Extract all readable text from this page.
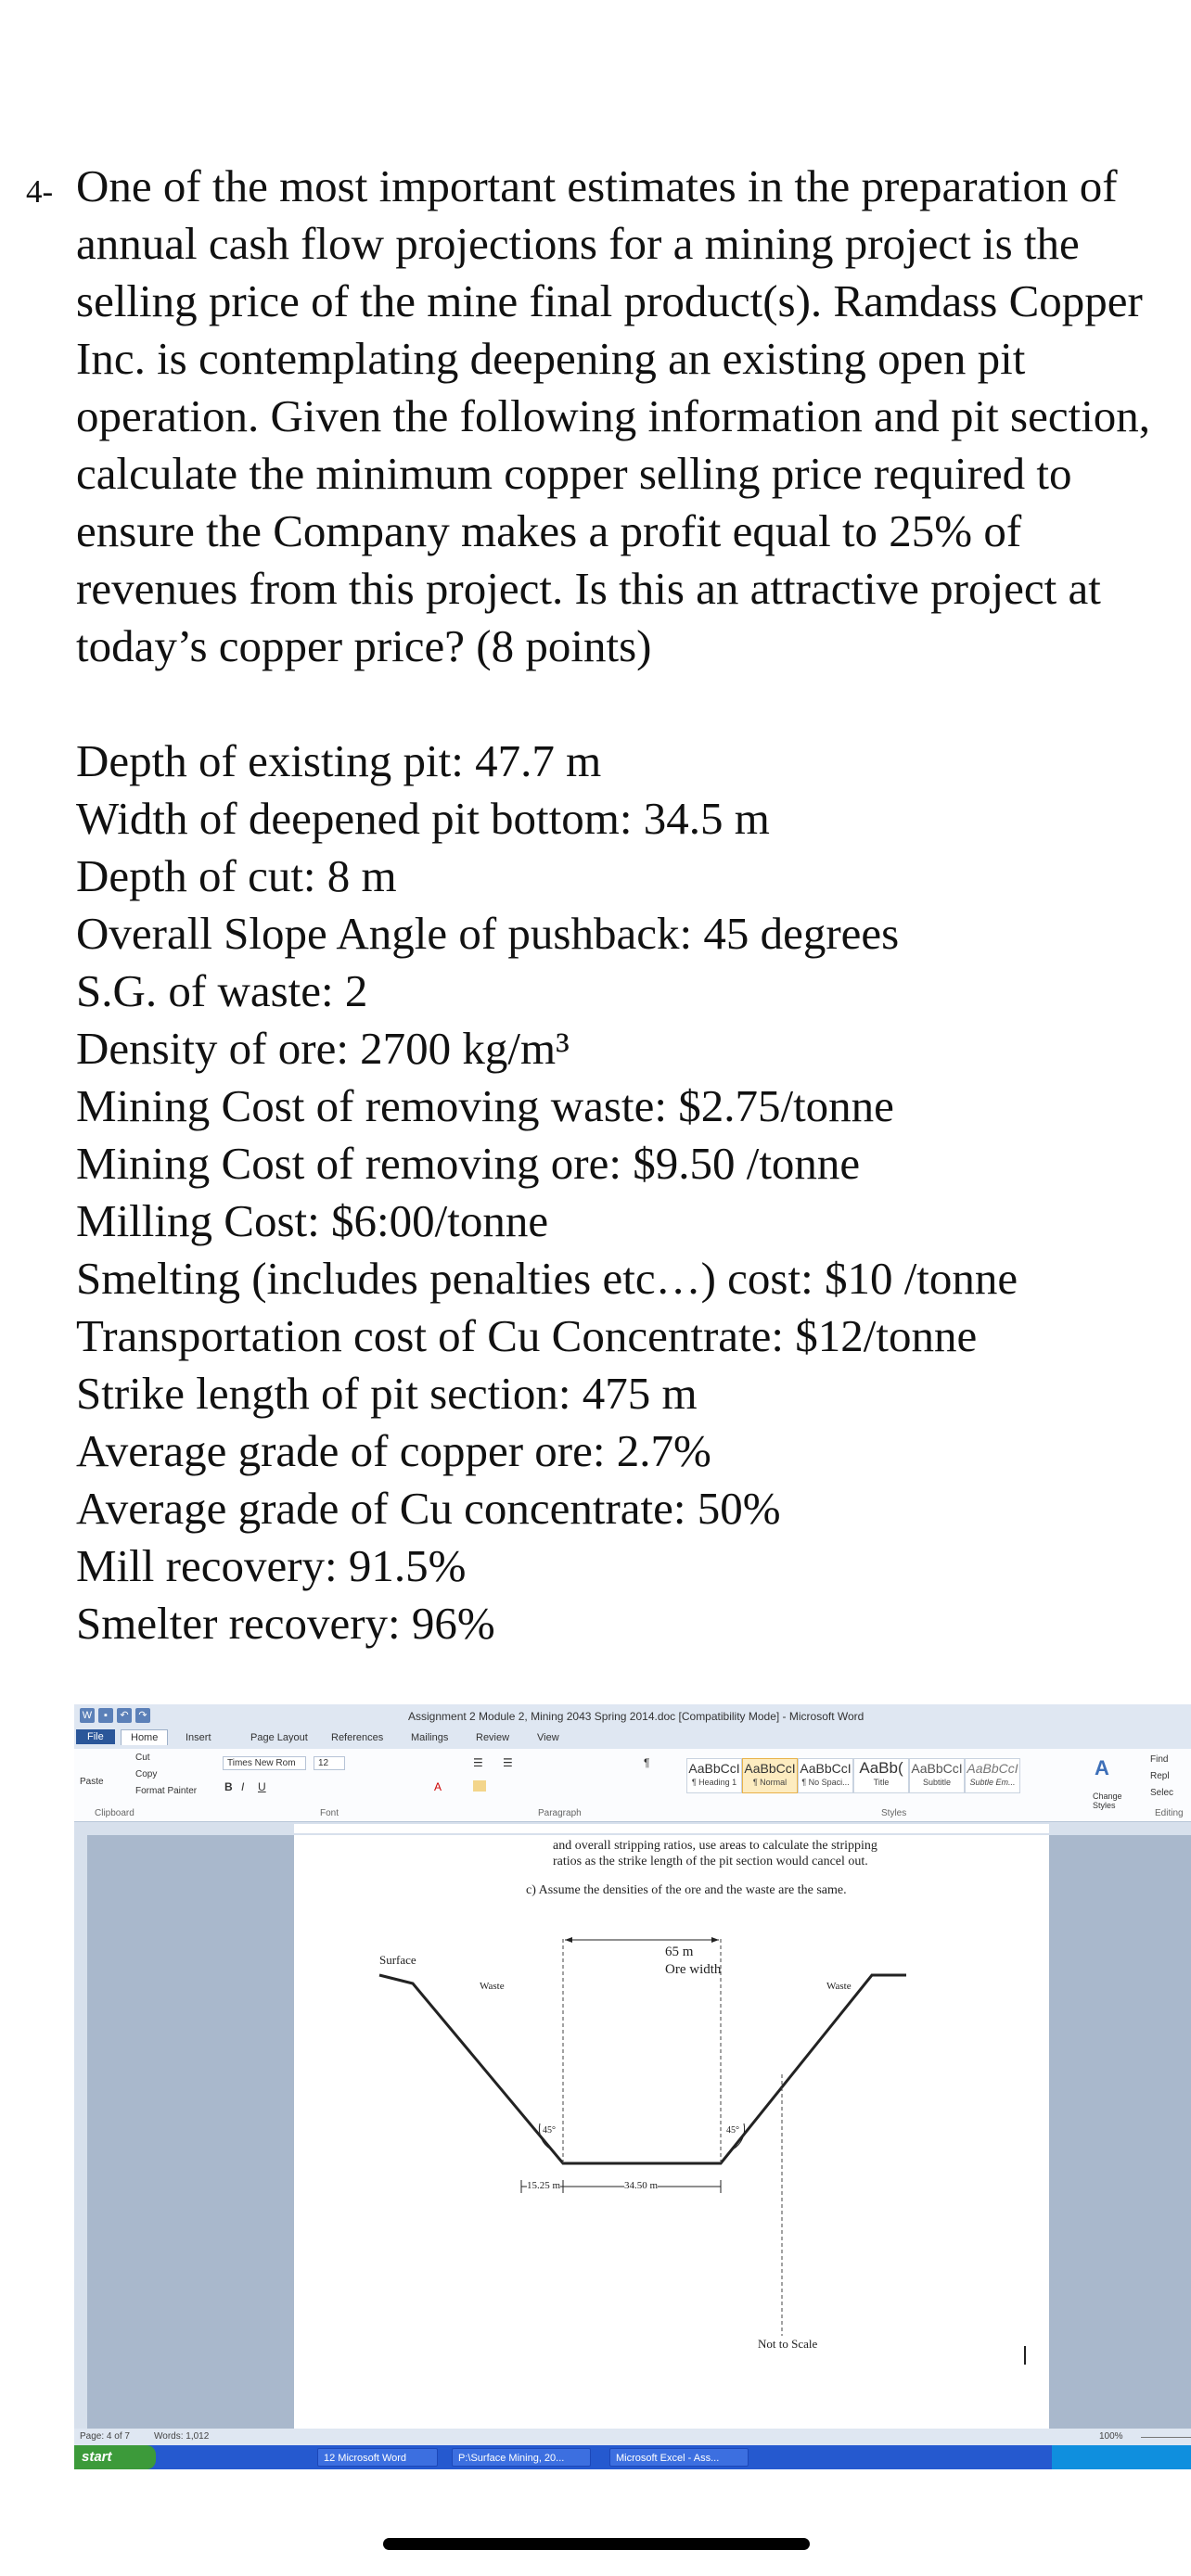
4- One of the most important estimates in the preparation of annual cash flow projections for a mining project is the selling price of the mine final product(s). Ramdass Copper Inc. is contemplating deepening an existing open pit operation. Given the following information and pit section, calculate the minimum copper selling price required to ensure the Company makes a profit equal to 25% of revenues from this project. Is this an attractive project at today’s copper price? (8 points)
Depth of existing pit: 47.7 m
Width of deepened pit bottom: 34.5 m
Depth of cut: 8 m
Overall Slope Angle of pushback: 45 degrees
S.G. of waste: 2
Density of ore: 2700 kg/m³
Mining Cost of removing waste: $2.75/tonne
Mining Cost of removing ore: $9.50 /tonne
Milling Cost: $6:00/tonne
Smelting (includes penalties etc…) cost: $10 /tonne
Transportation cost of Cu Concentrate: $12/tonne
Strike length of pit section: 475 m
Average grade of copper ore: 2.7%
Average grade of Cu concentrate: 50%
Mill recovery: 91.5%
Smelter recovery: 96%
W	▪	↶ ↷	Assignment 2 Module 2, Mining 2043 Spring 2014.doc [Compatibility Mode] - Microsoft Word
File	Home	Insert	Page Layout References	Mailings	Review	View
Paste
Cut
Copy
Format Painter
Clipboard
Times New Rom	12
B I U	A
Font
☰ ☰	¶
Paragraph
AaBbCcI
¶ Heading 1
AaBbCcI
¶ Normal
AaBbCcI
¶ No Spaci...
AaBb(
Title
AaBbCcI
Subtitle
AaBbCcI
Subtle Em...
Styles
A
Change Styles
Find
Repl
Selec
Editing
and overall stripping ratios, use areas to calculate the stripping
ratios as the strike length of the pit section would cancel out.
c) Assume the densities of the ore and the waste are the same.
65 m
Ore width
Surface
Waste	Waste
45°	45°
15.25 m	34.50 m
Not to Scale
Page: 4 of 7	Words: 1,012	100%
start	12 Microsoft Word	P:\Surface Mining, 20...	Microsoft Excel - Ass...
